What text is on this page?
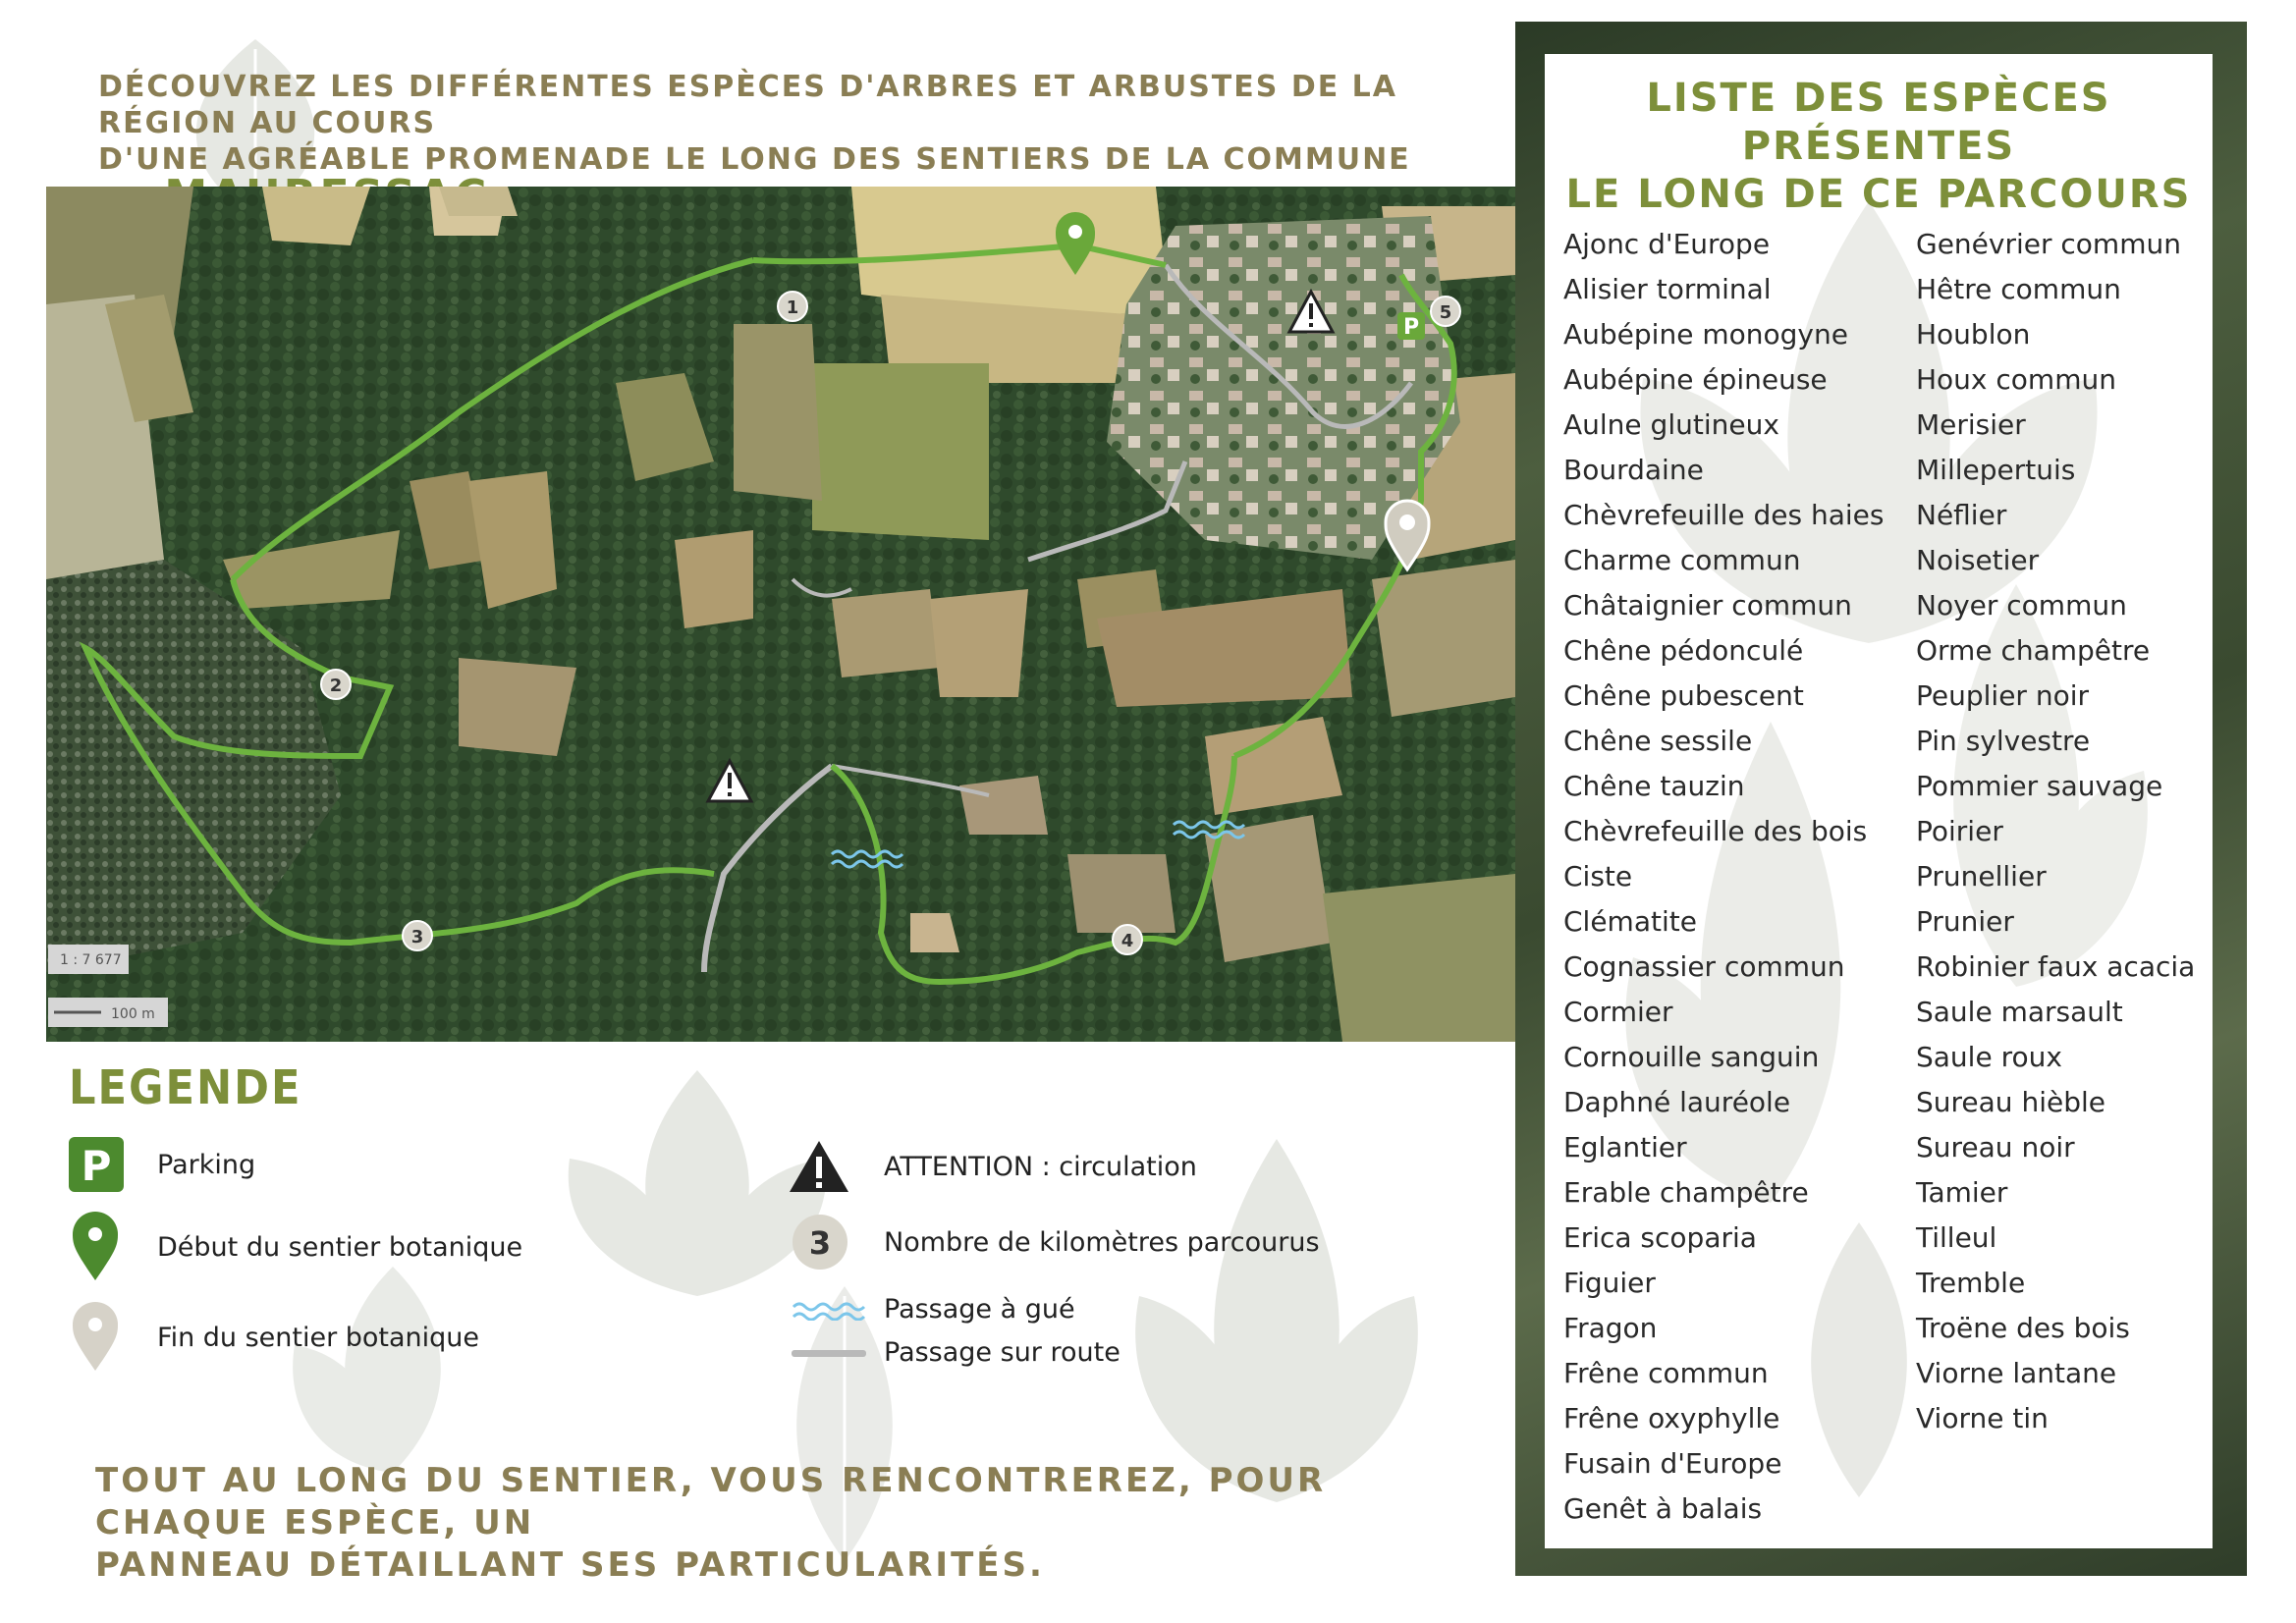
DÉCOUVREZ LES DIFFÉRENTES ESPÈCES D'ARBRES ET ARBUSTES DE LA RÉGION AU COURS
D'UNE AGRÉABLE PROMENADE LE LONG DES SENTIERS DE LA COMMUNE
P
1
2
3	4
5
1 : 7 677
100 m
LEGENDE
P Parking
Début du sentier botanique
Fin du sentier botanique
ATTENTION : circulation
3 Nombre de kilomètres parcourus
Passage à gué
Passage sur route
TOUT AU LONG DU SENTIER, VOUS RENCONTREREZ, POUR CHAQUE ESPÈCE, UN
PANNEAU DÉTAILLANT SES PARTICULARITÉS.
LISTE DES ESPÈCES PRÉSENTES
LE LONG DE CE PARCOURS
Ajonc d'Europe
Alisier torminal
Aubépine monogyne
Aubépine épineuse
Aulne glutineux
Bourdaine
Chèvrefeuille des haies
Charme commun
Châtaignier commun
Chêne pédonculé
Chêne pubescent
Chêne sessile
Chêne tauzin
Chèvrefeuille des bois
Ciste
Clématite
Cognassier commun
Cormier
Cornouille sanguin
Daphné lauréole
Eglantier
Erable champêtre
Erica scoparia
Figuier
Fragon
Frêne commun
Frêne oxyphylle
Fusain d'Europe
Genêt à balais
Genévrier commun
Hêtre commun
Houblon
Houx commun
Merisier
Millepertuis
Néflier
Noisetier
Noyer commun
Orme champêtre
Peuplier noir
Pin sylvestre
Pommier sauvage
Poirier
Prunellier
Prunier
Robinier faux acacia
Saule marsault
Saule roux
Sureau hièble
Sureau noir
Tamier
Tilleul
Tremble
Troëne des bois
Viorne lantane
Viorne tin
